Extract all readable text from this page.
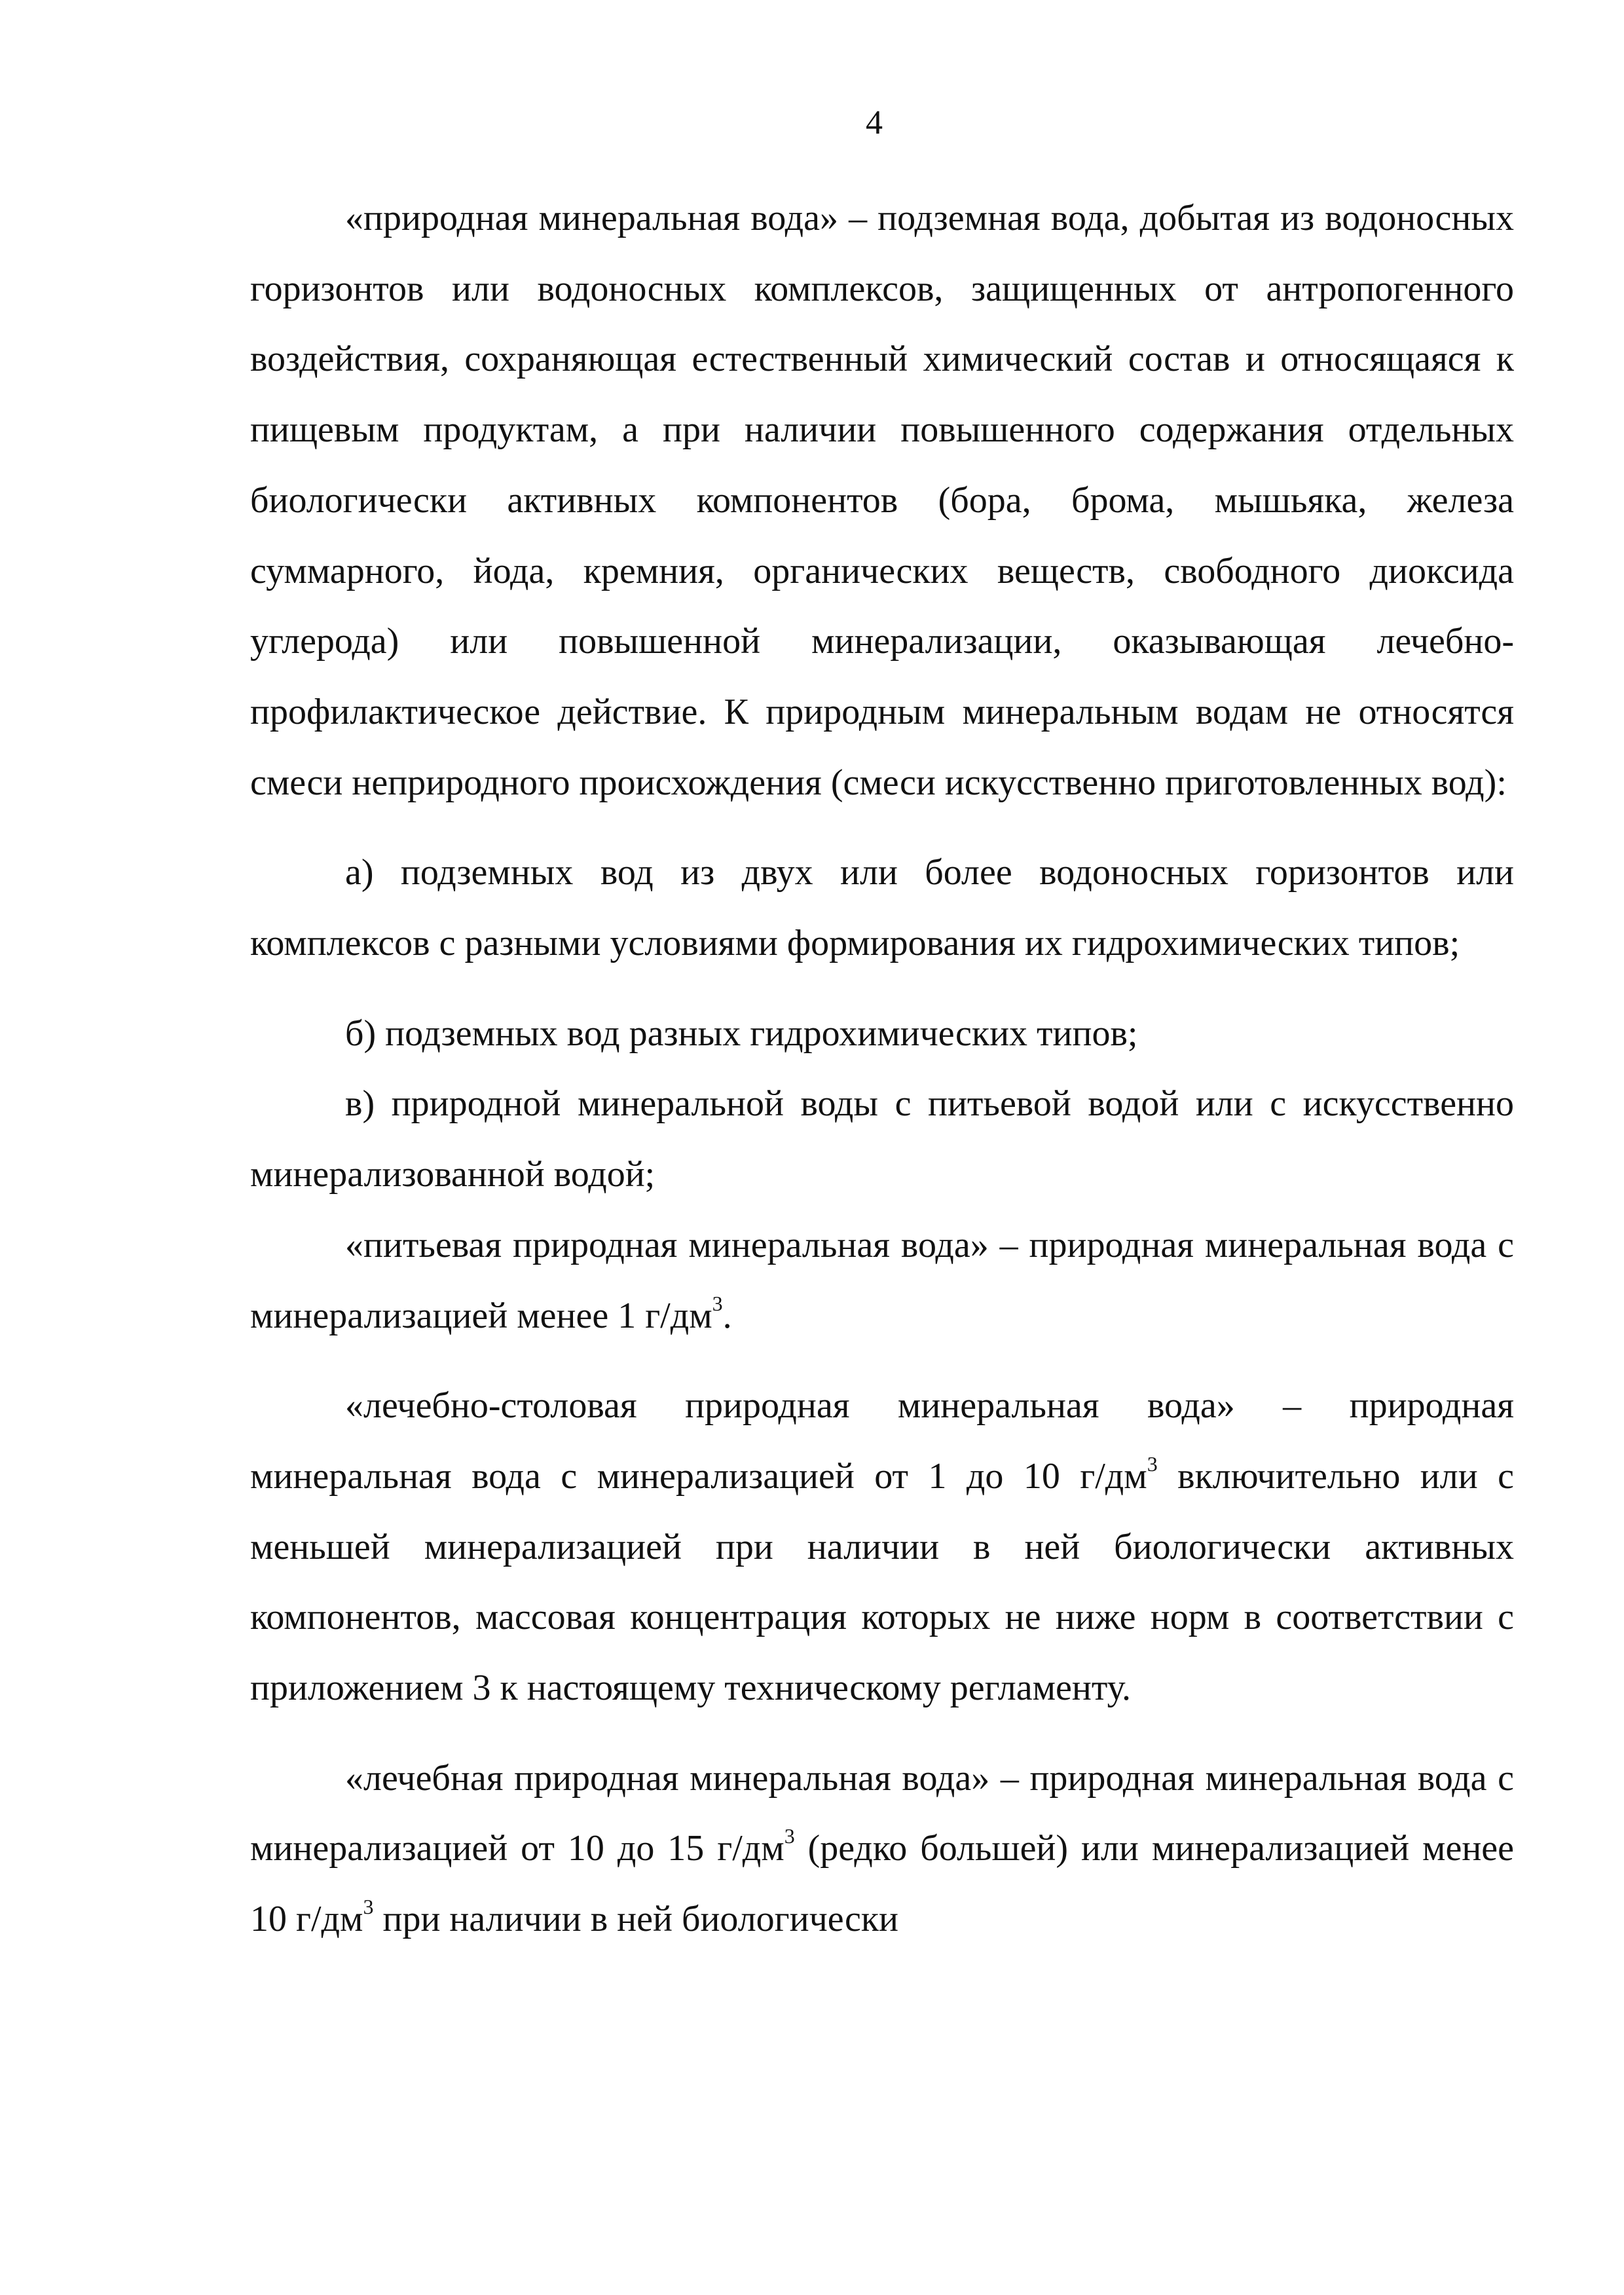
4

«природная минеральная вода» – подземная вода, добытая из водоносных горизонтов или водоносных комплексов, защищенных от антропогенного воздействия, сохраняющая естественный химический состав и относящаяся к пищевым продуктам, а при наличии повышенного содержания отдельных биологически активных компонентов (бора, брома, мышьяка, железа суммарного, йода, кремния, органических веществ, свободного диоксида углерода) или повышенной минерализации, оказывающая лечебно-профилактическое действие. К природным минеральным водам не относятся смеси неприродного происхождения (смеси искусственно приготовленных вод):

а) подземных вод из двух или более водоносных горизонтов или комплексов с разными условиями формирования их гидрохимических типов;

б) подземных вод разных гидрохимических типов;

в) природной минеральной воды с питьевой водой или с искусственно минерализованной водой;

«питьевая природная минеральная вода» – природная минеральная вода с минерализацией менее 1 $г/дм^3$.

«лечебно-столовая природная минеральная вода» – природная минеральная вода с минерализацией от 1 до 10 $г/дм^3$ включительно или с меньшей минерализацией при наличии в ней биологически активных компонентов, массовая концентрация которых не ниже норм в соответствии с приложением 3 к настоящему техническому регламенту.

«лечебная природная минеральная вода» – природная минеральная вода с минерализацией от 10 до 15 $г/дм^3$ (редко большей) или минерализацией менее 10 $г/дм^3$ при наличии в ней биологически
